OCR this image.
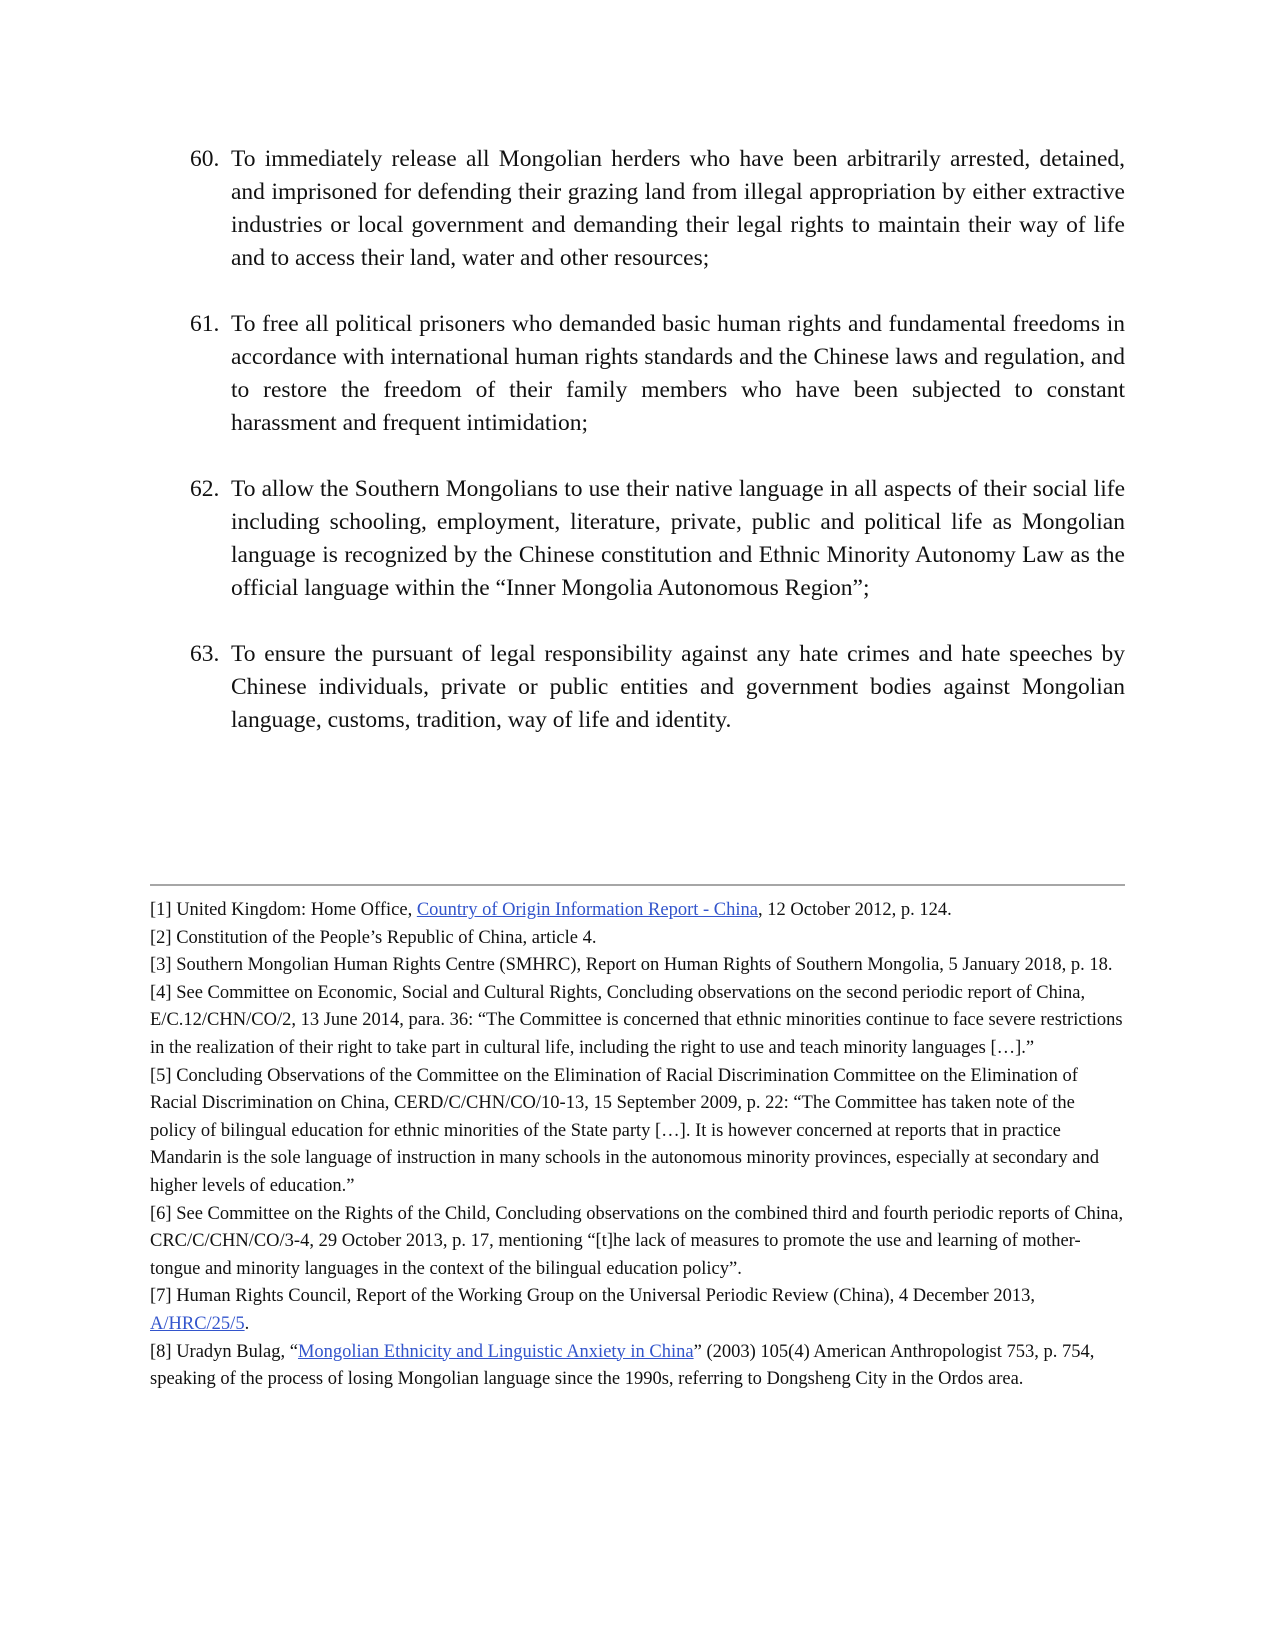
60. To immediately release all Mongolian herders who have been arbitrarily arrested, detained, and imprisoned for defending their grazing land from illegal appropriation by either extractive industries or local government and demanding their legal rights to maintain their way of life and to access their land, water and other resources;
61. To free all political prisoners who demanded basic human rights and fundamental freedoms in accordance with international human rights standards and the Chinese laws and regulation, and to restore the freedom of their family members who have been subjected to constant harassment and frequent intimidation;
62. To allow the Southern Mongolians to use their native language in all aspects of their social life including schooling, employment, literature, private, public and political life as Mongolian language is recognized by the Chinese constitution and Ethnic Minority Autonomy Law as the official language within the “Inner Mongolia Autonomous Region”;
63. To ensure the pursuant of legal responsibility against any hate crimes and hate speeches by Chinese individuals, private or public entities and government bodies against Mongolian language, customs, tradition, way of life and identity.

[1] United Kingdom: Home Office, Country of Origin Information Report - China, 12 October 2012, p. 124.

[2] Constitution of the People’s Republic of China, article 4.

[3] Southern Mongolian Human Rights Centre (SMHRC), Report on Human Rights of Southern Mongolia, 5 January 2018, p. 18.

[4] See Committee on Economic, Social and Cultural Rights, Concluding observations on the second periodic report of China, E/C.12/CHN/CO/2, 13 June 2014, para. 36: “The Committee is concerned that ethnic minorities continue to face severe restrictions in the realization of their right to take part in cultural life, including the right to use and teach minority languages […].”

[5] Concluding Observations of the Committee on the Elimination of Racial Discrimination Committee on the Elimination of Racial Discrimination on China, CERD/C/CHN/CO/10-13, 15 September 2009, p. 22: “The Committee has taken note of the policy of bilingual education for ethnic minorities of the State party […]. It is however concerned at reports that in practice Mandarin is the sole language of instruction in many schools in the autonomous minority provinces, especially at secondary and higher levels of education.”

[6] See Committee on the Rights of the Child, Concluding observations on the combined third and fourth periodic reports of China, CRC/C/CHN/CO/3-4, 29 October 2013, p. 17, mentioning “[t]he lack of measures to promote the use and learning of mother-tongue and minority languages in the context of the bilingual education policy”.

[7] Human Rights Council, Report of the Working Group on the Universal Periodic Review (China), 4 December 2013, A/HRC/25/5.

[8] Uradyn Bulag, “Mongolian Ethnicity and Linguistic Anxiety in China” (2003) 105(4) American Anthropologist 753, p. 754, speaking of the process of losing Mongolian language since the 1990s, referring to Dongsheng City in the Ordos area.
